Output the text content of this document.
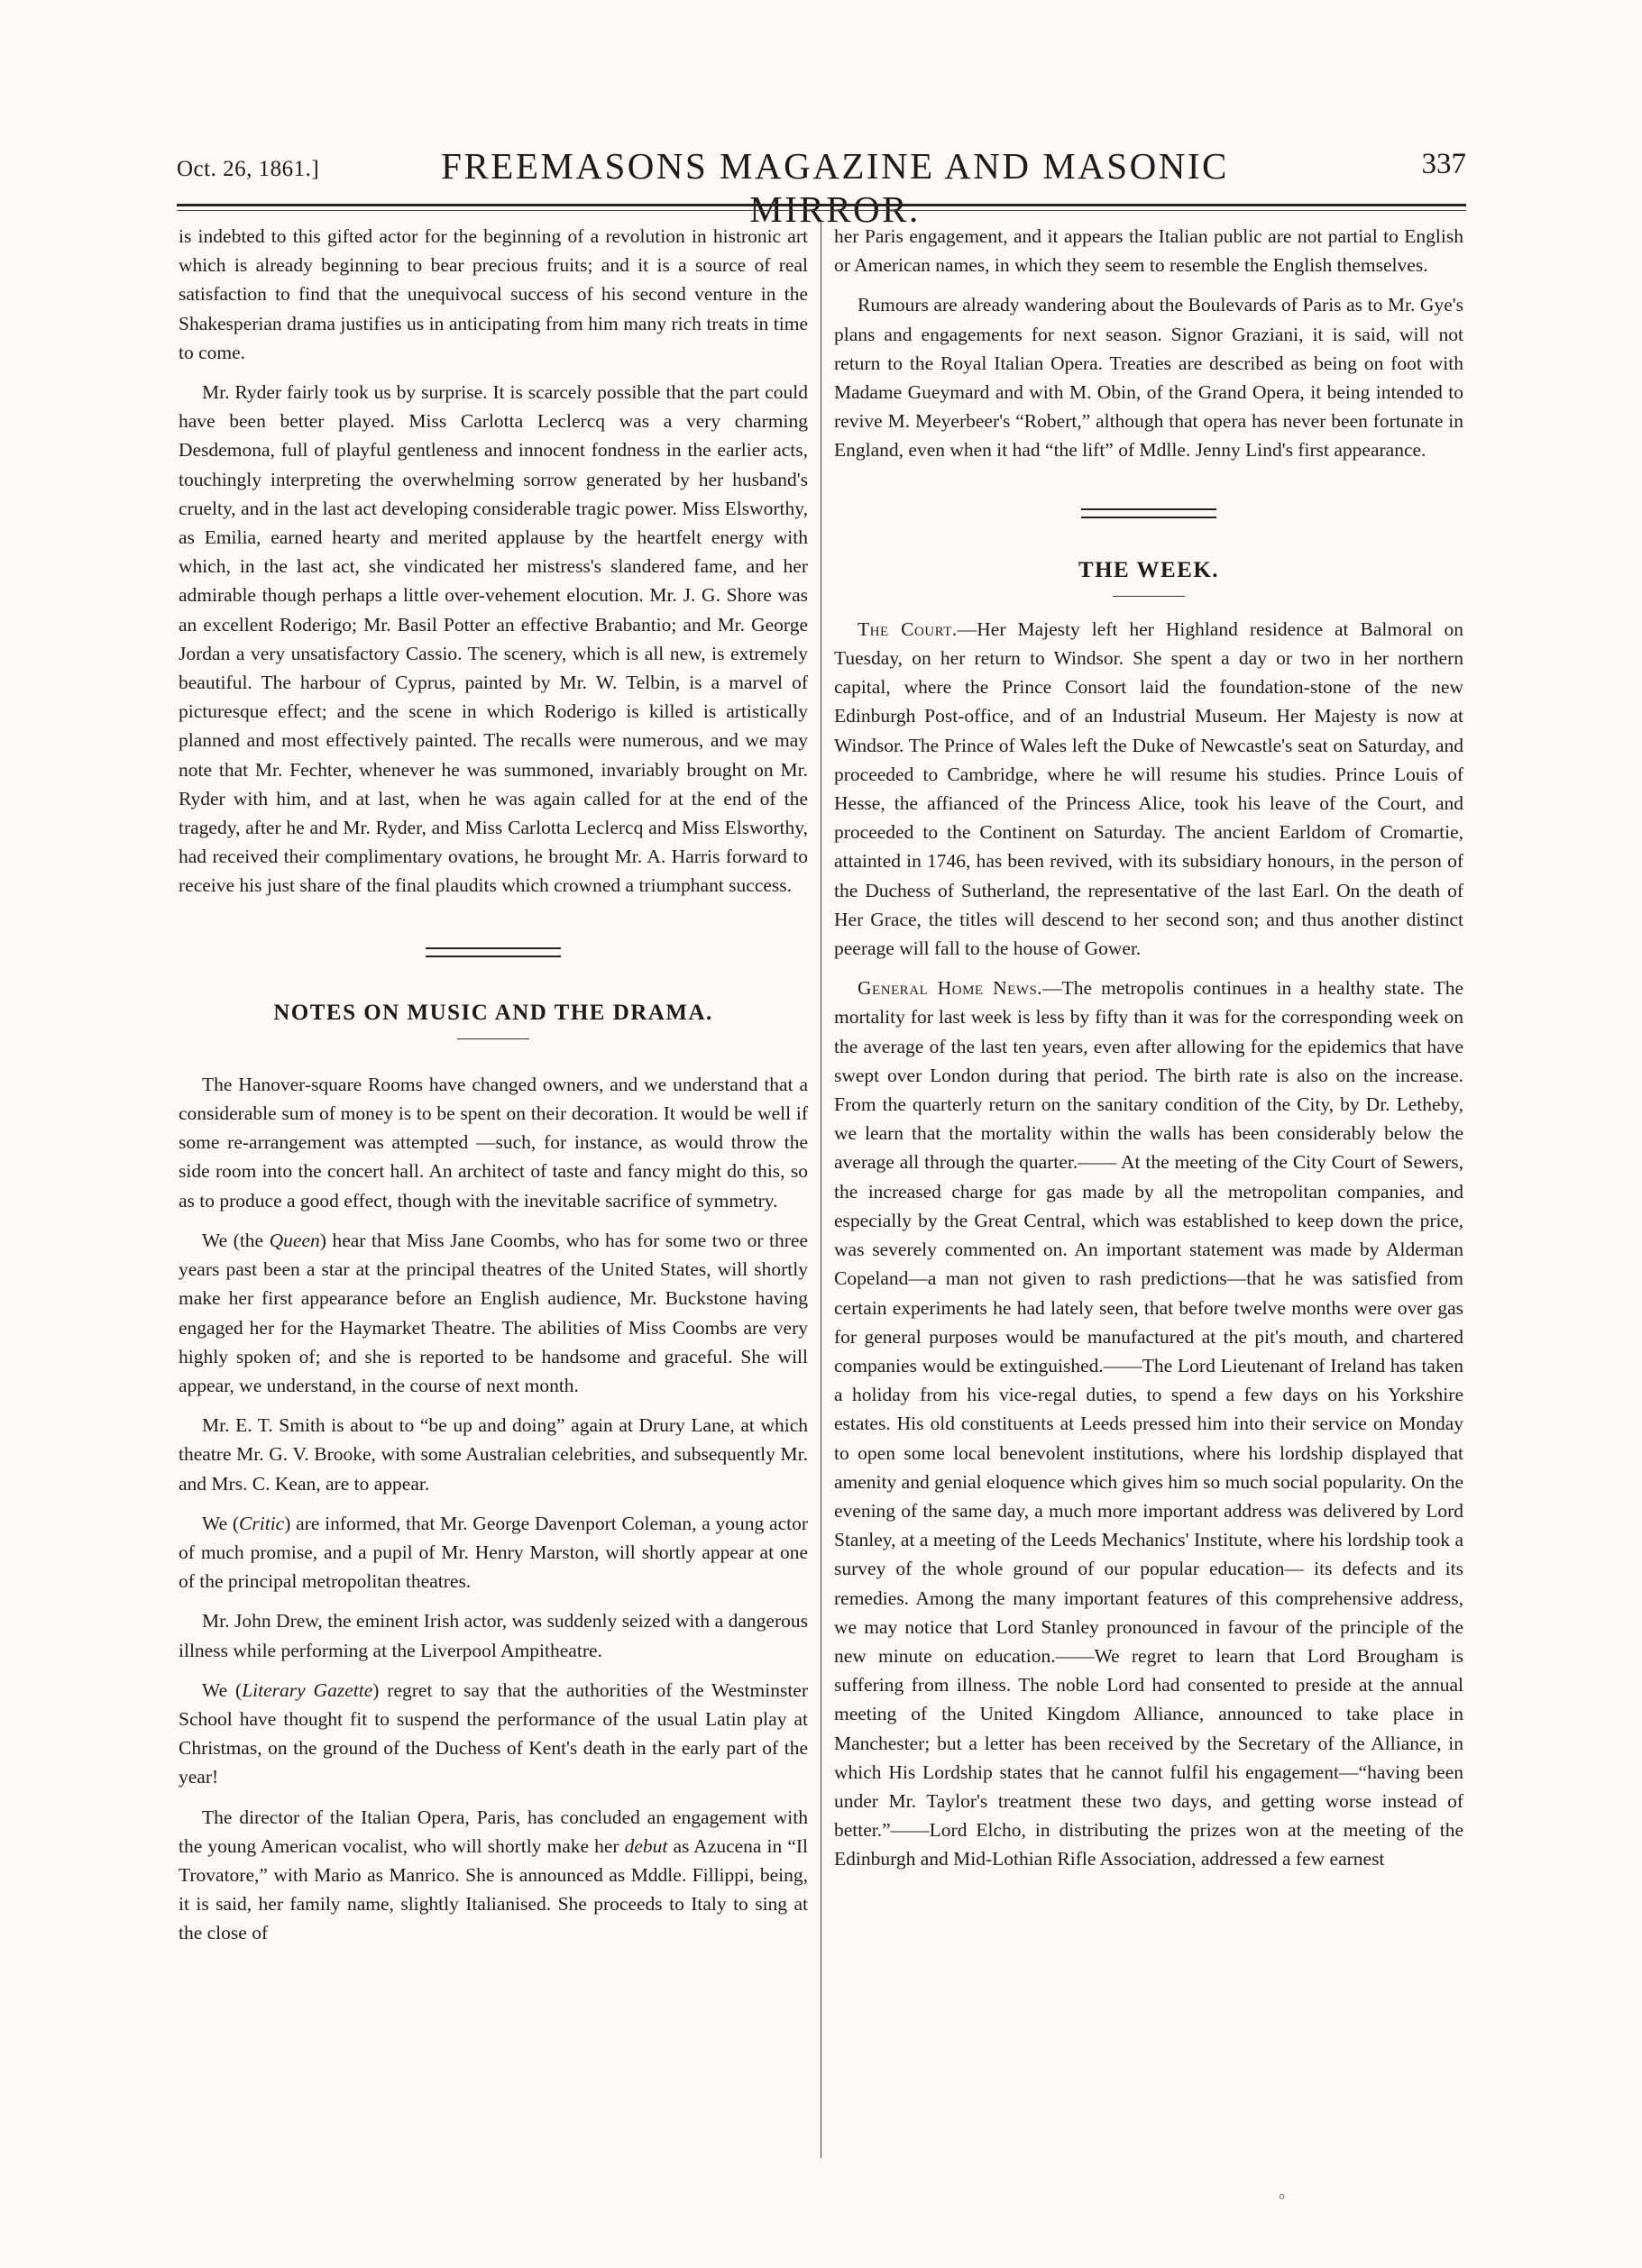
Oct. 26, 1861.]	FREEMASONS MAGAZINE AND MASONIC MIRROR.
337

is indebted to this gifted actor for the beginning of a revolution in histronic art which is already beginning to bear precious fruits; and it is a source of real satisfaction to find that the unequivocal success of his second venture in the Shakesperian drama justifies us in anticipating from him many rich treats in time to come.

Mr. Ryder fairly took us by surprise. It is scarcely possible that the part could have been better played. Miss Carlotta Leclercq was a very charming Desdemona, full of playful gentleness and innocent fondness in the earlier acts, touchingly interpreting the overwhelming sorrow generated by her husband's cruelty, and in the last act developing considerable tragic power. Miss Elsworthy, as Emilia, earned hearty and merited applause by the heartfelt energy with which, in the last act, she vindicated her mistress's slandered fame, and her admirable though perhaps a little over-vehement elocution. Mr. J. G. Shore was an excellent Roderigo; Mr. Basil Potter an effective Brabantio; and Mr. George Jordan a very unsatisfactory Cassio. The scenery, which is all new, is extremely beautiful. The harbour of Cyprus, painted by Mr. W. Telbin, is a marvel of picturesque effect; and the scene in which Roderigo is killed is artistically planned and most effectively painted. The recalls were numerous, and we may note that Mr. Fechter, whenever he was summoned, invariably brought on Mr. Ryder with him, and at last, when he was again called for at the end of the tragedy, after he and Mr. Ryder, and Miss Carlotta Leclercq and Miss Elsworthy, had received their complimentary ovations, he brought Mr. A. Harris forward to receive his just share of the final plaudits which crowned a triumphant success.

NOTES ON MUSIC AND THE DRAMA.

The Hanover-square Rooms have changed owners, and we understand that a considerable sum of money is to be spent on their decoration. It would be well if some re-arrangement was attempted —such, for instance, as would throw the side room into the concert hall. An architect of taste and fancy might do this, so as to produce a good effect, though with the inevitable sacrifice of symmetry.

We (the Queen) hear that Miss Jane Coombs, who has for some two or three years past been a star at the principal theatres of the United States, will shortly make her first appearance before an English audience, Mr. Buckstone having engaged her for the Haymarket Theatre. The abilities of Miss Coombs are very highly spoken of; and she is reported to be handsome and graceful. She will appear, we understand, in the course of next month.

Mr. E. T. Smith is about to “be up and doing” again at Drury Lane, at which theatre Mr. G. V. Brooke, with some Australian celebrities, and subsequently Mr. and Mrs. C. Kean, are to appear.

We (Critic) are informed, that Mr. George Davenport Coleman, a young actor of much promise, and a pupil of Mr. Henry Marston, will shortly appear at one of the principal metropolitan theatres.

Mr. John Drew, the eminent Irish actor, was suddenly seized with a dangerous illness while performing at the Liverpool Ampitheatre.

We (Literary Gazette) regret to say that the authorities of the Westminster School have thought fit to suspend the performance of the usual Latin play at Christmas, on the ground of the Duchess of Kent's death in the early part of the year!

The director of the Italian Opera, Paris, has concluded an engagement with the young American vocalist, who will shortly make her debut as Azucena in “Il Trovatore,” with Mario as Manrico. She is announced as Mddle. Fillippi, being, it is said, her family name, slightly Italianised. She proceeds to Italy to sing at the close of

her Paris engagement, and it appears the Italian public are not partial to English or American names, in which they seem to resemble the English themselves.

Rumours are already wandering about the Boulevards of Paris as to Mr. Gye's plans and engagements for next season. Signor Graziani, it is said, will not return to the Royal Italian Opera. Treaties are described as being on foot with Madame Gueymard and with M. Obin, of the Grand Opera, it being intended to revive M. Meyerbeer's “Robert,” although that opera has never been fortunate in England, even when it had “the lift” of Mdlle. Jenny Lind's first appearance.

THE WEEK.

The Court.—Her Majesty left her Highland residence at Balmoral on Tuesday, on her return to Windsor. She spent a day or two in her northern capital, where the Prince Consort laid the foundation-stone of the new Edinburgh Post-office, and of an Industrial Museum. Her Majesty is now at Windsor. The Prince of Wales left the Duke of Newcastle's seat on Saturday, and proceeded to Cambridge, where he will resume his studies. Prince Louis of Hesse, the affianced of the Princess Alice, took his leave of the Court, and proceeded to the Continent on Saturday. The ancient Earldom of Cromartie, attainted in 1746, has been revived, with its subsidiary honours, in the person of the Duchess of Sutherland, the representative of the last Earl. On the death of Her Grace, the titles will descend to her second son; and thus another distinct peerage will fall to the house of Gower.

General Home News.—The metropolis continues in a healthy state. The mortality for last week is less by fifty than it was for the corresponding week on the average of the last ten years, even after allowing for the epidemics that have swept over London during that period. The birth rate is also on the increase. From the quarterly return on the sanitary condition of the City, by Dr. Letheby, we learn that the mortality within the walls has been considerably below the average all through the quarter.—— At the meeting of the City Court of Sewers, the increased charge for gas made by all the metropolitan companies, and especially by the Great Central, which was established to keep down the price, was severely commented on. An important statement was made by Alderman Copeland—a man not given to rash predictions—that he was satisfied from certain experiments he had lately seen, that before twelve months were over gas for general purposes would be manufactured at the pit's mouth, and chartered companies would be extinguished.——The Lord Lieutenant of Ireland has taken a holiday from his vice-regal duties, to spend a few days on his Yorkshire estates. His old constituents at Leeds pressed him into their service on Monday to open some local benevolent institutions, where his lordship displayed that amenity and genial eloquence which gives him so much social popularity. On the evening of the same day, a much more important address was delivered by Lord Stanley, at a meeting of the Leeds Mechanics' Institute, where his lordship took a survey of the whole ground of our popular education— its defects and its remedies. Among the many important features of this comprehensive address, we may notice that Lord Stanley pronounced in favour of the principle of the new minute on education.——We regret to learn that Lord Brougham is suffering from illness. The noble Lord had consented to preside at the annual meeting of the United Kingdom Alliance, announced to take place in Manchester; but a letter has been received by the Secretary of the Alliance, in which His Lordship states that he cannot fulfil his engagement—“having been under Mr. Taylor's treatment these two days, and getting worse instead of better.”——Lord Elcho, in distributing the prizes won at the meeting of the Edinburgh and Mid-Lothian Rifle Association, addressed a few earnest

°
